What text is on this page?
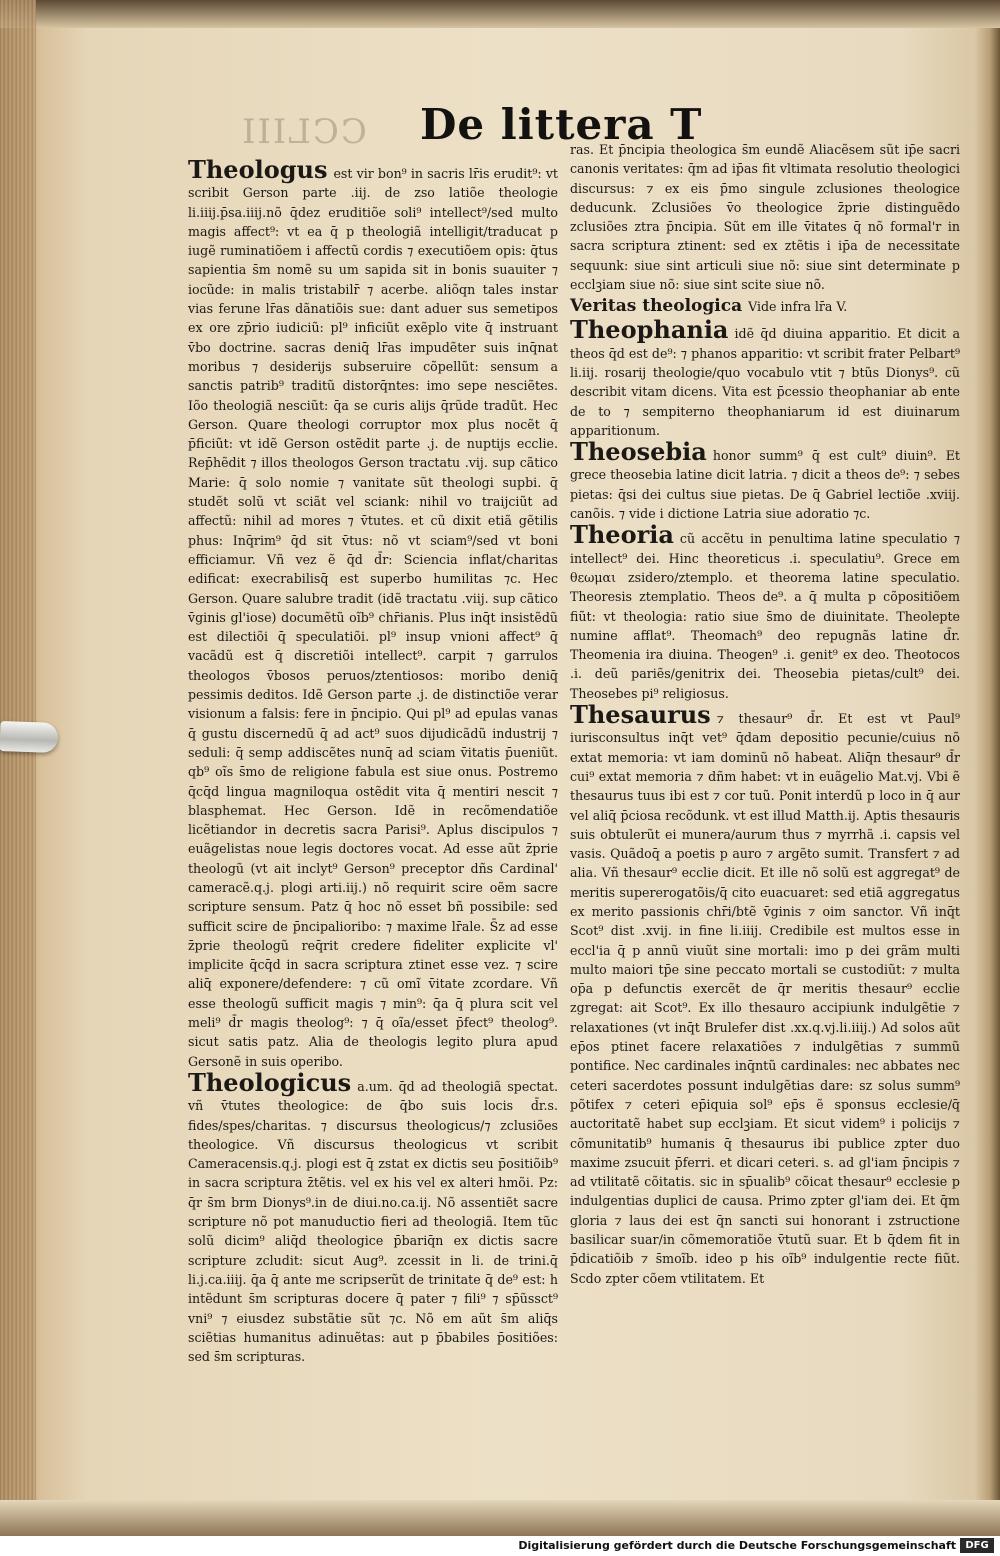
CCLIII De littera T

Theologus est vir bon⁹ in sacris lr̄is erudit⁹: vt scribit Gerson parte .iij. de zso latiõe theologie li.iiij.p̄sa.iiij.nõ q̄dez eruditiõe soli⁹ intellect⁹/sed multo magis affect⁹: vt ea q̄ p theologiã intelligit/traducat p iugẽ ruminatiõem i affectũ cordis ⁊ executiõem opis: q̄tus sapientia s̄m nomẽ su um sapida sit in bonis suauiter ⁊ iocũde: in malis tristabilr̄ ⁊ acerbe. aliõqn tales instar vias ferune lr̄as dãnatiõis sue: dant aduer sus semetipos ex ore zp̄rio iudiciũ: pl⁹ inficiũt exẽplo vite q̄ instruant v̄bo doctrine. sacras deniq̄ lr̄as impudẽter suis inq̄nat moribus ⁊ desiderijs subseruire cõpellũt: sensum a sanctis patrib⁹ traditũ distorq̄ntes: imo sepe nesciẽtes. Iõo theologiã nesciũt: q̄a se curis alijs q̄rũde tradũt. Hec Gerson. Quare theologi corruptor mox plus nocẽt q̄ p̄ficiũt: vt idẽ Gerson ostẽdit parte .j. de nuptijs ecclie. Rep̄hẽdit ⁊ illos theologos Gerson tractatu .vij. sup cãtico Marie: q̄ solo nomie ⁊ vanitate sũt theologi supbi. q̄ studẽt solũ vt sciãt vel sciank: nihil vo traijciũt ad affectũ: nihil ad mores ⁊ v̄tutes. et cũ dixit etiã gẽtilis phus: Inq̄rim⁹ q̄d sit v̄tus: nõ vt sciam⁹/sed vt boni efficiamur. Vñ vez ẽ q̄d d̄r: Sciencia inflat/charitas edificat: execrabilisq̄ est superbo humilitas ⁊c. Hec Gerson. Quare salubre tradit (idẽ tractatu .viij. sup cãtico v̄ginis gl'iose) documẽtũ oĩb⁹ chr̄ianis. Plus inq̄t insistẽdũ est dilectiõi q̄ speculatiõi. pl⁹ insup vnioni affect⁹ q̄ vacãdũ est q̄ discretiõi intellect⁹. carpit ⁊ garrulos theologos v̄bosos peruos/ztentiosos: moribo deniq̄ pessimis deditos. Idẽ Gerson parte .j. de distinctiõe verar visionum a falsis: fere in p̄ncipio. Qui pl⁹ ad epulas vanas q̄ gustu discernedũ q̄ ad act⁹ suos dijudicãdũ industrij ⁊ seduli: q̄ semp addiscẽtes nunq̄ ad sciam v̄itatis p̄ueniũt. qb⁹ oĩs s̄mo de religione fabula est siue onus. Postremo q̄cq̄d lingua magniloqua ostẽdit vita q̄ mentiri nescit ⁊ blasphemat. Hec Gerson. Idẽ in recõmendatiõe licẽtiandor in decretis sacra Parisi⁹. Aplus discipulos ⁊ euãgelistas noue legis doctores vocat. Ad esse aũt z̄prie theologũ (vt ait inclyt⁹ Gerson⁹ preceptor dñs Cardinal' cameracẽ.q.j. plogi arti.iij.) nõ requirit scire oẽm sacre scripture sensum. Patz q̄ hoc nõ esset bñ possibile: sed sufficit scire de p̄ncipalioribo: ⁊ maxime lr̄ale. S̄z ad esse z̄prie theologũ req̄rit credere fideliter explicite vl' implicite q̄cq̄d in sacra scriptura ztinet esse vez. ⁊ scire aliq̄ exponere/defendere: ⁊ cũ omĩ v̄itate zcordare. Vñ esse theologũ sufficit magis ⁊ min⁹: q̄a q̄ plura scit vel meli⁹ d̄r magis theolog⁹: ⁊ q̄ oĩa/esset p̄fect⁹ theolog⁹. sicut satis patz. Alia de theologis legito plura apud Gersonẽ in suis operibo.

Theologicus a.um. q̄d ad theologiã spectat. vñ v̄tutes theologice: de q̄bo suis locis d̄r.s. fides/spes/charitas. ⁊ discursus theologicus/⁊ zclusiões theologice. Vñ discursus theologicus vt scribit Cameracensis.q.j. plogi est q̄ zstat ex dictis seu p̄ositiõib⁹ in sacra scriptura z̄tẽtis. vel ex his vel ex alteri hmõi. Pz: q̄r s̄m brm Dionys⁹.in de diui.no.ca.ij. Nõ assentiẽt sacre scripture nõ pot manuductio fieri ad theologiã. Item tũc solũ dicim⁹ aliq̄d theologice p̄bariq̄n ex dictis sacre scripture zcludit: sicut Aug⁹. zcessit in li. de trini.q̄ li.j.ca.iiij. q̄a q̄ ante me scripserũt de trinitate q̄ de⁹ est: h intẽdunt s̄m scripturas docere q̄ pater ⁊ fili⁹ ⁊ sp̄ũssct⁹ vni⁹ ⁊ eiusdez substãtie sũt ⁊c. Nõ em aũt s̄m aliq̄s sciẽtias humanitus adinuẽtas: aut p p̄babiles p̄ositiões: sed s̄m scripturas.

ras. Et p̄ncipia theologica s̄m eundẽ Aliacẽsem sũt ip̄e sacri canonis veritates: q̄m ad ip̄as fit vltimata resolutio theologici discursus: ⁊ ex eis p̄mo singule zclusiones theologice deducunk. Zclusiões v̄o theologice z̄prie distinguẽdo zclusiões ztra p̄ncipia. Sũt em ille v̄itates q̄ nõ formal'r in sacra scriptura ztinent: sed ex ztẽtis i ip̄a de necessitate sequunk: siue sint articuli siue nõ: siue sint determinate p ecclꝫiam siue nõ: siue sint scite siue nõ.

Veritas theologica Vide infra lr̄a V.

Theophania idẽ q̄d diuina apparitio. Et dicit a theos q̄d est de⁹: ⁊ phanos apparitio: vt scribit frater Pelbart⁹ li.iij. rosarij theologie/quo vocabulo vtit ⁊ btũs Dionys⁹. cũ describit vitam dicens. Vita est p̄cessio theophaniar ab ente de to ⁊ sempiterno theophaniarum id est diuinarum apparitionum.

Theosebia honor summ⁹ q̄ est cult⁹ diuin⁹. Et grece theosebia latine dicit latria. ⁊ dicit a theos de⁹: ⁊ sebes pietas: q̄si dei cultus siue pietas. De q̄ Gabriel lectiõe .xviij. canõis. ⁊ vide i dictione Latria siue adoratio ⁊c.

Theoria cũ accẽtu in penultima latine speculatio ⁊ intellect⁹ dei. Hinc theoreticus .i. speculatiu⁹. Grece em θεωμαι zsidero/ztemplo. et theorema latine speculatio. Theoresis ztemplatio. Theos de⁹. a q̄ multa p cõpositiõem fiũt: vt theologia: ratio siue s̄mo de diuinitate. Theolepte numine afflat⁹. Theomach⁹ deo repugnãs latine d̄r. Theomenia ira diuina. Theogen⁹ .i. genit⁹ ex deo. Theotocos .i. deũ pariẽs/genitrix dei. Theosebia pietas/cult⁹ dei. Theosebes pi⁹ religiosus.

Thesaurus ⁊ thesaur⁹ d̄r. Et est vt Paul⁹ iurisconsultus inq̄t vet⁹ q̄dam depositio pecunie/cuius nõ extat memoria: vt iam dominũ nõ habeat. Aliq̄n thesaur⁹ d̄r cui⁹ extat memoria ⁊ dñm habet: vt in euãgelio Mat.vj. Vbi ẽ thesaurus tuus ibi est ⁊ cor tuũ. Ponit interdũ p loco in q̄ aur vel aliq̄ p̄ciosa recõdunk. vt est illud Matth.ij. Aptis thesauris suis obtulerũt ei munera/aurum thus ⁊ myrrhã .i. capsis vel vasis. Quãdoq̄ a poetis p auro ⁊ argẽto sumit. Transfert ⁊ ad alia. Vñ thesaur⁹ ecclie dicit. Et ille nõ solũ est aggregat⁹ de meritis supererogatõis/q̄ cito euacuaret: sed etiã aggregatus ex merito passionis chr̄i/btẽ v̄ginis ⁊ oim sanctor. Vñ inq̄t Scot⁹ dist .xvij. in fine li.iiij. Credibile est multos esse in eccl'ia q̄ p annũ viuũt sine mortali: imo p dei grãm multi multo maiori tp̄e sine peccato mortali se custodiũt: ⁊ multa op̄a p defunctis exercẽt de q̄r meritis thesaur⁹ ecclie zgregat: ait Scot⁹. Ex illo thesauro accipiunk indulgẽtie ⁊ relaxationes (vt inq̄t Brulefer dist .xx.q.vj.li.iiij.) Ad solos aũt ep̄os ptinet facere relaxatiões ⁊ indulgẽtias ⁊ summũ pontifice. Nec cardinales inq̄ntũ cardinales: nec abbates nec ceteri sacerdotes possunt indulgẽtias dare: sz solus summ⁹ põtifex ⁊ ceteri ep̄iquia sol⁹ ep̄s ẽ sponsus ecclesie/q̄ auctoritatẽ habet sup ecclꝫiam. Et sicut videm⁹ i policijs ⁊ cõmunitatib⁹ humanis q̄ thesaurus ibi publice zpter duo maxime zsucuit p̄ferri. et dicari ceteri. s. ad gl'iam p̄ncipis ⁊ ad vtilitatẽ cõitatis. sic in sp̄ualib⁹ cõicat thesaur⁹ ecclesie p indulgentias duplici de causa. Primo zpter gl'iam dei. Et q̄m gloria ⁊ laus dei est q̄n sancti sui honorant i zstructione basilicar suar/in cõmemoratiõe v̄tutũ suar. Et b q̄dem fit in p̄dicatiõib ⁊ s̄moĩb. ideo p his oĩb⁹ indulgentie recte fiũt. Scdo zpter cõem vtilitatem. Et

Digitalisierung gefördert durch die Deutsche Forschungsgemeinschaft DFG
